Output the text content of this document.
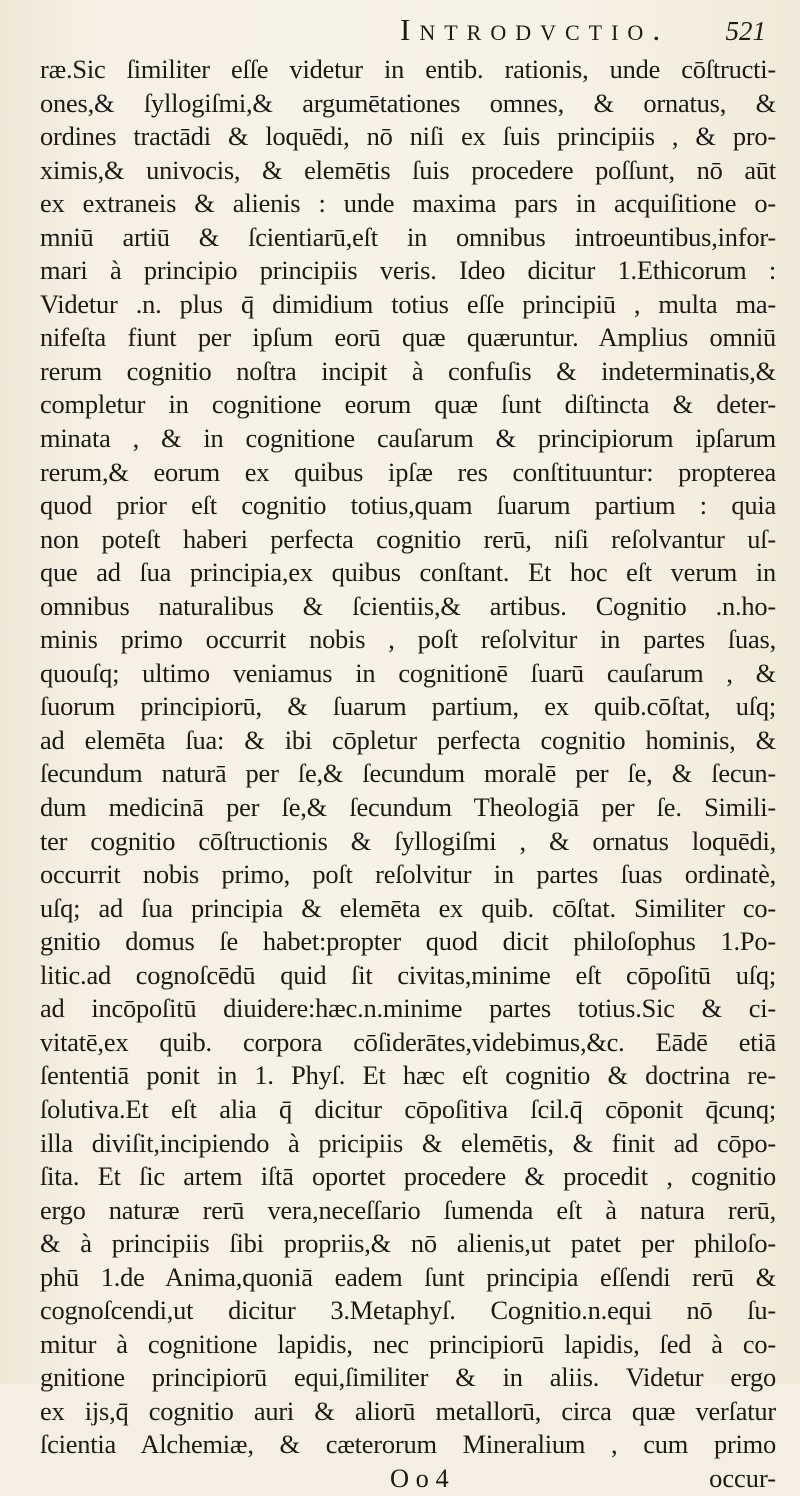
Introdvctio. 521
ræ.Sic ſimiliter eſſe videtur in entib. rationis, unde cōſtructi-
ones,& ſyllogiſmi,& argumētationes omnes, & ornatus, &
ordines tractādi & loquēdi, nō niſi ex ſuis principiis , & pro-
ximis,& univocis, & elemētis ſuis procedere poſſunt, nō aūt
ex extraneis & alienis : unde maxima pars in acquiſitione o-
mniū artiū & ſcientiarū,eſt in omnibus introeuntibus,infor-
mari à principio principiis veris. Ideo dicitur 1.Ethicorum :
Videtur .n. plus q̄ dimidium totius eſſe principiū , multa ma-
nifeſta fiunt per ipſum eorū quæ quæruntur. Amplius omniū
rerum cognitio noſtra incipit à confuſis & indeterminatis,&
completur in cognitione eorum quæ ſunt diſtincta & deter-
minata , & in cognitione cauſarum & principiorum ipſarum
rerum,& eorum ex quibus ipſæ res conſtituuntur: propterea
quod prior eſt cognitio totius,quam ſuarum partium : quia
non poteſt haberi perfecta cognitio rerū, niſi reſolvantur uſ-
que ad ſua principia,ex quibus conſtant. Et hoc eſt verum in
omnibus naturalibus & ſcientiis,& artibus. Cognitio .n.ho-
minis primo occurrit nobis , poſt reſolvitur in partes ſuas,
quouſq; ultimo veniamus in cognitionē ſuarū cauſarum , &
ſuorum principiorū, & ſuarum partium, ex quib.cōſtat, uſq;
ad elemēta ſua: & ibi cōpletur perfecta cognitio hominis, &
ſecundum naturā per ſe,& ſecundum moralē per ſe, & ſecun-
dum medicinā per ſe,& ſecundum Theologiā per ſe. Simili-
ter cognitio cōſtructionis & ſyllogiſmi , & ornatus loquēdi,
occurrit nobis primo, poſt reſolvitur in partes ſuas ordinatè,
uſq; ad ſua principia & elemēta ex quib. cōſtat. Similiter co-
gnitio domus ſe habet:propter quod dicit philoſophus 1.Po-
litic.ad cognoſcēdū quid ſit civitas,minime eſt cōpoſitū uſq;
ad incōpoſitū diuidere:hæc.n.minime partes totius.Sic & ci-
vitatē,ex quib. corpora cōſiderātes,videbimus,&c. Eādē etiā
ſententiā ponit in 1. Phyſ. Et hæc eſt cognitio & doctrina re-
ſolutiva.Et eſt alia q̄ dicitur cōpoſitiva ſcil.q̄ cōponit q̄cunq;
illa diviſit,incipiendo à pricipiis & elemētis, & finit ad cōpo-
ſita. Et ſic artem iſtā oportet procedere & procedit , cognitio
ergo naturæ rerū vera,neceſſario ſumenda eſt à natura rerū,
& à principiis ſibi propriis,& nō alienis,ut patet per philoſo-
phū 1.de Anima,quoniā eadem ſunt principia eſſendi rerū &
cognoſcendi,ut dicitur 3.Metaphyſ. Cognitio.n.equi nō ſu-
mitur à cognitione lapidis, nec principiorū lapidis, ſed à co-
gnitione principiorū equi,ſimiliter & in aliis. Videtur ergo
ex ijs,q̄ cognitio auri & aliorū metallorū, circa quæ verſatur
ſcientia Alchemiæ, & cæterorum Mineralium , cum primo
O o 4	occur-
